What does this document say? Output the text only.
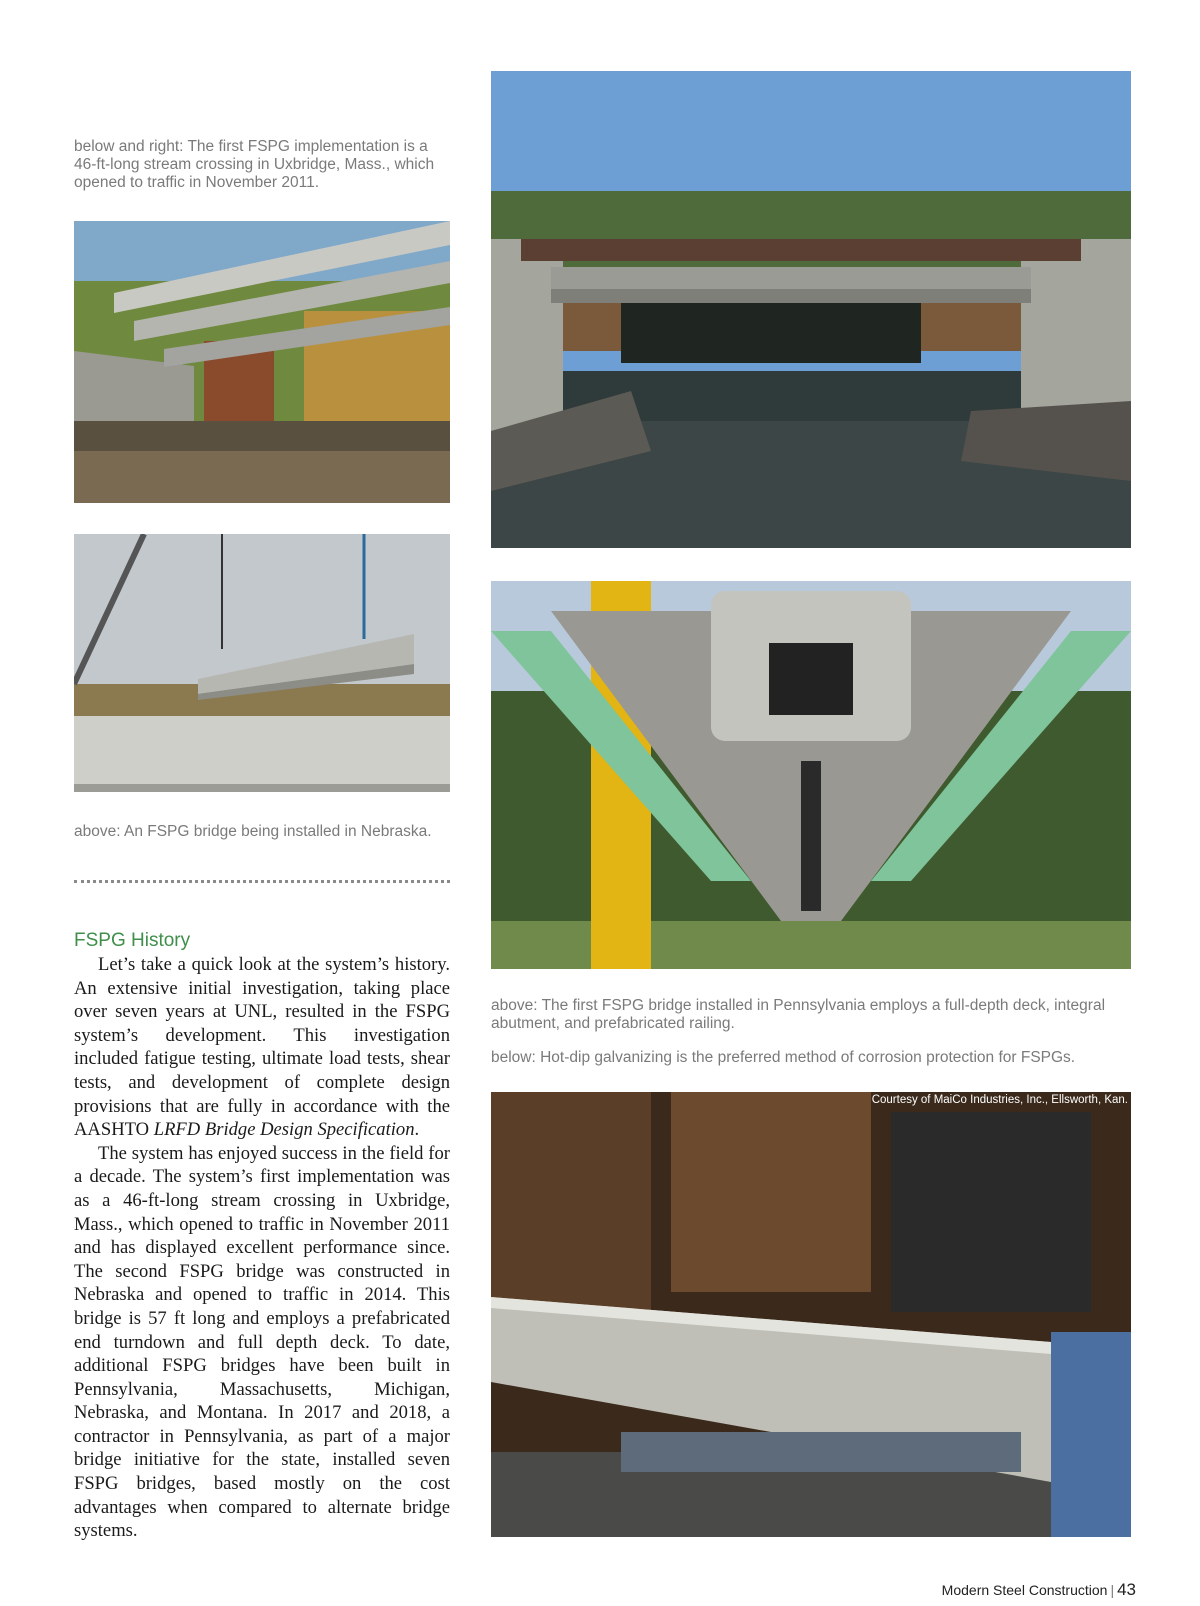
below and right: The first FSPG implementation is a 46-ft-long stream crossing in Uxbridge, Mass., which opened to traffic in November 2011.
above: An FSPG bridge being installed in Nebraska.
FSPG History

Let’s take a quick look at the system’s history. An extensive initial investigation, taking place over seven years at UNL, resulted in the FSPG system’s development. This investigation included fatigue testing, ultimate load tests, shear tests, and development of complete design provisions that are fully in accordance with the AASHTO LRFD Bridge Design Specification.

The system has enjoyed success in the field for a decade. The system’s first implementation was as a 46-ft-long stream crossing in Uxbridge, Mass., which opened to traffic in November 2011 and has displayed excellent performance since. The second FSPG bridge was constructed in Nebraska and opened to traffic in 2014. This bridge is 57 ft long and employs a prefabricated end turndown and full depth deck. To date, additional FSPG bridges have been built in Pennsylvania, Massachusetts, Michigan, Nebraska, and Montana. In 2017 and 2018, a contractor in Pennsylvania, as part of a major bridge initiative for the state, installed seven FSPG bridges, based mostly on the cost advantages when compared to alternate bridge systems.

above: The first FSPG bridge installed in Pennsylvania employs a full-depth deck, integral abutment, and prefabricated railing.
below: Hot-dip galvanizing is the preferred method of corrosion protection for FSPGs.
Courtesy of MaiCo Industries, Inc., Ellsworth, Kan.
Modern Steel Construction | 43
